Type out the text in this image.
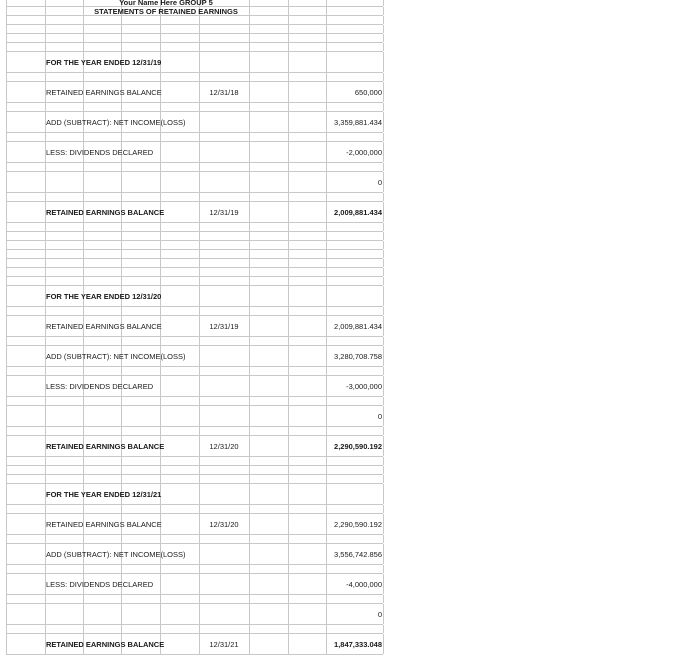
Your Name Here GROUP 5
STATEMENTS OF RETAINED EARNINGS
FOR THE YEAR ENDED 12/31/19
RETAINED EARNINGS BALANCE	12/31/18	650,000
ADD (SUBTRACT): NET INCOME(LOSS)	3,359,881.434
LESS: DIVIDENDS DECLARED	-2,000,000
0
RETAINED EARNINGS BALANCE	12/31/19	2,009,881.434
FOR THE YEAR ENDED 12/31/20
RETAINED EARNINGS BALANCE	12/31/19	2,009,881.434
ADD (SUBTRACT): NET INCOME(LOSS)	3,280,708.758
LESS: DIVIDENDS DECLARED	-3,000,000
0
RETAINED EARNINGS BALANCE	12/31/20	2,290,590.192
FOR THE YEAR ENDED 12/31/21
RETAINED EARNINGS BALANCE	12/31/20	2,290,590.192
ADD (SUBTRACT): NET INCOME(LOSS)	3,556,742.856
LESS: DIVIDENDS DECLARED	-4,000,000
0
RETAINED EARNINGS BALANCE	12/31/21	1,847,333.048
